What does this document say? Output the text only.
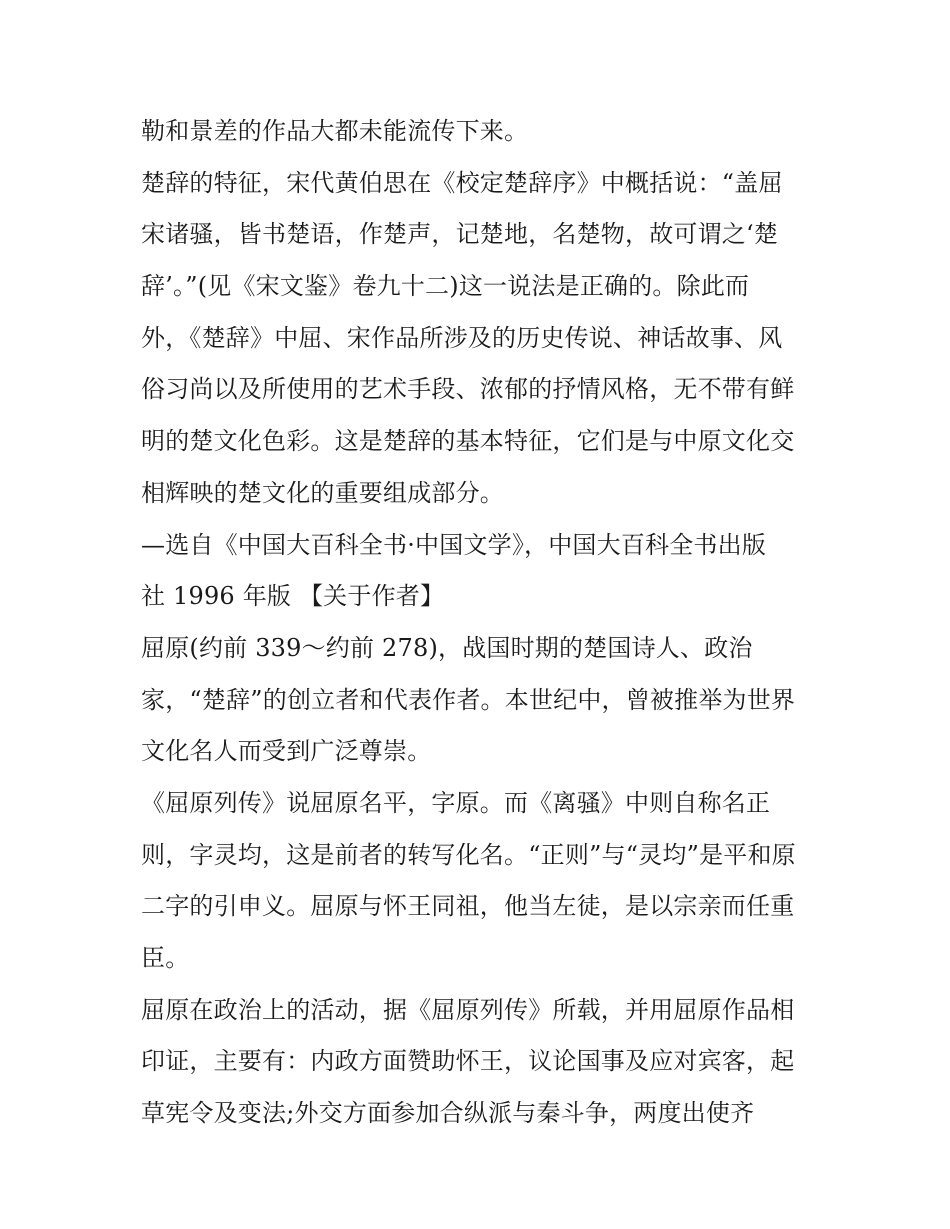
勒和景差的作品大都未能流传下来。
楚辞的特征，宋代黄伯思在《校定楚辞序》中概括说：“盖屈
宋诸骚，皆书楚语，作楚声，记楚地，名楚物，故可谓之‘楚
辞’。”(见《宋文鉴》卷九十二)这一说法是正确的。除此而
外，《楚辞》中屈、宋作品所涉及的历史传说、神话故事、风
俗习尚以及所使用的艺术手段、浓郁的抒情风格，无不带有鲜
明的楚文化色彩。这是楚辞的基本特征，它们是与中原文化交
相辉映的楚文化的重要组成部分。
—选自《中国大百科全书·中国文学》，中国大百科全书出版
社 1996 年版 【关于作者】
屈原(约前 339～约前 278)，战国时期的楚国诗人、政治
家，“楚辞”的创立者和代表作者。本世纪中，曾被推举为世界
文化名人而受到广泛尊崇。
《屈原列传》说屈原名平，字原。而《离骚》中则自称名正
则，字灵均，这是前者的转写化名。“正则”与“灵均”是平和原
二字的引申义。屈原与怀王同祖，他当左徒，是以宗亲而任重
臣。
屈原在政治上的活动，据《屈原列传》所载，并用屈原作品相
印证，主要有：内政方面赞助怀王，议论国事及应对宾客，起
草宪令及变法;外交方面参加合纵派与秦斗争，两度出使齐
